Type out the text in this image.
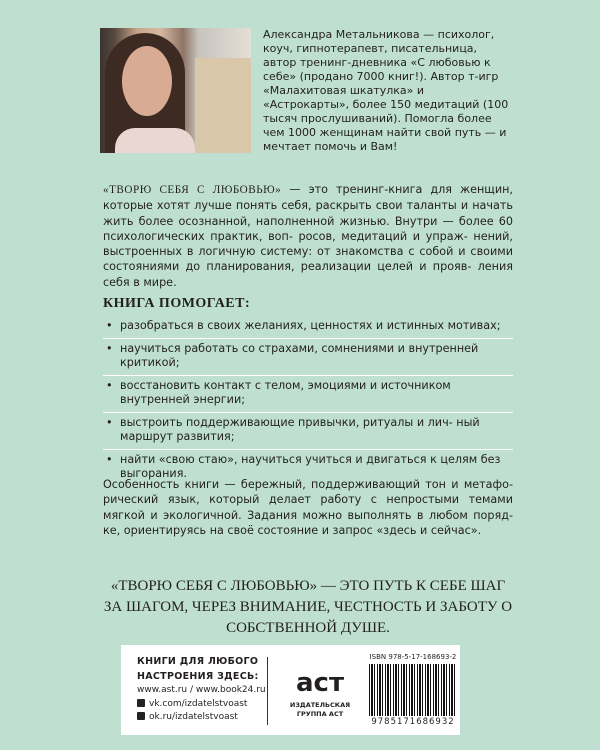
Александра Метальникова — психолог, коуч, гипнотерапевт, писательница, автор тренинг-дневника «С любовью к себе» (продано 7000 книг!). Автор т-игр «Малахитовая шкатулка» и «Астрокарты», более 150 медитаций (100 тысяч прослушиваний). Помогла более чем 1000 женщинам найти свой путь — и мечтает помочь и Вам!

«ТВОРЮ СЕБЯ С ЛЮБОВЬЮ» — это тренинг-книга для женщин, которые хотят лучше понять себя, раскрыть свои таланты и начать жить более осознанной, наполненной жизнью. Внутри — более 60 психологических практик, воп- росов, медитаций и упраж- нений, выстроенных в логичную систему: от знакомства с собой и своими состояниями до планирования, реализации целей и прояв- ления себя в мире.

КНИГА ПОМОГАЕТ:
• разобраться в своих желаниях, ценностях и истинных мотивах;
• научиться работать со страхами, сомнениями и внутренней критикой;
• восстановить контакт с телом, эмоциями и источником внутренней энергии;
• выстроить поддерживающие привычки, ритуалы и лич- ный маршрут развития;
• найти «свою стаю», научиться учиться и двигаться к целям без выгорания.

Особенность книги — бережный, поддерживающий тон и метафо- рический язык, который делает работу с непростыми темами мягкой и экологичной. Задания можно выполнять в любом поряд- ке, ориентируясь на своё состояние и запрос «здесь и сейчас».

«ТВОРЮ СЕБЯ С ЛЮБОВЬЮ» — ЭТО ПУТЬ К СЕБЕ ШАГ ЗА ШАГОМ, ЧЕРЕЗ ВНИМАНИЕ, ЧЕСТНОСТЬ И ЗАБОТУ О СОБСТВЕННОЙ ДУШЕ.

КНИГИ ДЛЯ ЛЮБОГО
НАСТРОЕНИЯ ЗДЕСЬ:
www.ast.ru / www.book24.ru
vk.com/izdatelstvoast
ok.ru/izdatelstvoast
аст
ИЗДАТЕЛЬСКАЯ
ГРУППА АСТ
ISBN 978-5-17-168693-2
9785171686932
